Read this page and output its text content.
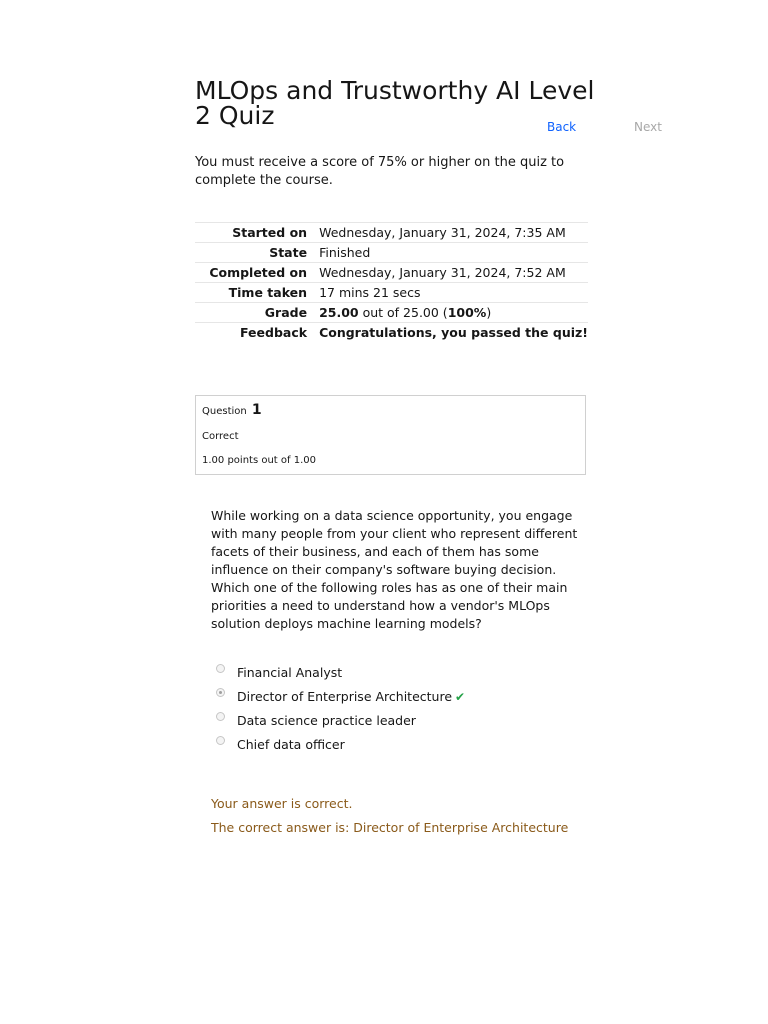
MLOps and Trustworthy AI Level 2 Quiz	Back	Next

You must receive a score of 75% or higher on the quiz to complete the course.

Started on	Wednesday, January 31, 2024, 7:35 AM
State	Finished
Completed on	Wednesday, January 31, 2024, 7:52 AM
Time taken	17 mins 21 secs
Grade	25.00 out of 25.00 (100%)
Feedback	Congratulations, you passed the quiz!
Question 1
Correct
1.00 points out of 1.00

While working on a data science opportunity, you engage with many people from your client who represent different facets of their business, and each of them has some influence on their company's software buying decision. Which one of the following roles has as one of their main priorities a need to understand how a vendor's MLOps solution deploys machine learning models?

Financial Analyst
Director of Enterprise Architecture ✔
Data science practice leader
Chief data officer
Your answer is correct.
The correct answer is: Director of Enterprise Architecture
